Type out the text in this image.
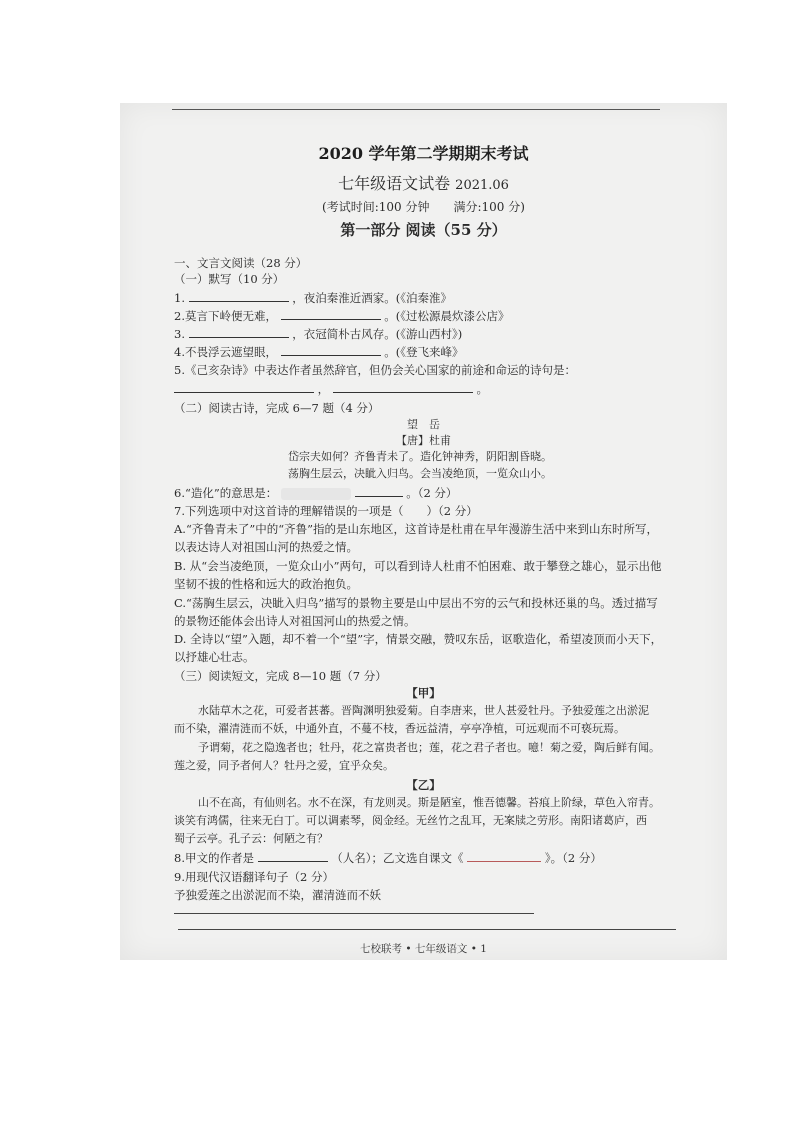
2020 学年第二学期期末考试
七年级语文试卷 2021.06
(考试时间:100 分钟　　满分:100 分)
第一部分 阅读（55 分）
一、文言文阅读（28 分）
（一）默写（10 分）
1.	，夜泊秦淮近酒家。(《泊秦淮》
2.莫言下岭便无难，	。(《过松源晨炊漆公店》
3.	，衣冠简朴古风存。(《游山西村》)
4.不畏浮云遮望眼，	。(《登飞来峰》
5.《己亥杂诗》中表达作者虽然辞官，但仍会关心国家的前途和命运的诗句是：
，	。
（二）阅读古诗，完成 6—7 题（4 分）
望　岳
【唐】杜甫
岱宗夫如何？齐鲁青未了。造化钟神秀，阴阳割昏晓。
荡胸生层云，决眦入归鸟。会当凌绝顶，一览众山小。
6.“造化”的意思是：	。（2 分）
7.下列选项中对这首诗的理解错误的一项是（　　）（2 分）
A.“齐鲁青未了”中的“齐鲁”指的是山东地区，这首诗是杜甫在早年漫游生活中来到山东时所写，
以表达诗人对祖国山河的热爱之情。
B. 从“会当凌绝顶，一览众山小”两句，可以看到诗人杜甫不怕困难、敢于攀登之雄心，显示出他
坚韧不拔的性格和远大的政治抱负。
C.“荡胸生层云，决眦入归鸟”描写的景物主要是山中层出不穷的云气和投林还巢的鸟。透过描写
的景物还能体会出诗人对祖国河山的热爱之情。
D. 全诗以“望”入题，却不着一个“望”字，情景交融，赞叹东岳，讴歌造化，希望凌顶而小天下，
以抒雄心壮志。
（三）阅读短文，完成 8—10 题（7 分）
【甲】
水陆草木之花，可爱者甚蕃。晋陶渊明独爱菊。自李唐来，世人甚爱牡丹。予独爱莲之出淤泥
而不染，濯清涟而不妖，中通外直，不蔓不枝，香远益清，亭亭净植，可远观而不可亵玩焉。
予谓菊，花之隐逸者也；牡丹，花之富贵者也；莲，花之君子者也。噫！菊之爱，陶后鲜有闻。
莲之爱，同予者何人？牡丹之爱，宜乎众矣。
【乙】
山不在高，有仙则名。水不在深，有龙则灵。斯是陋室，惟吾德馨。苔痕上阶绿，草色入帘青。
谈笑有鸿儒，往来无白丁。可以调素琴，阅金经。无丝竹之乱耳，无案牍之劳形。南阳诸葛庐，西
蜀子云亭。孔子云：何陋之有？
8.甲文的作者是	（人名）；乙文选自课文《	》。（2 分）
9.用现代汉语翻译句子（2 分）
予独爱莲之出淤泥而不染，濯清涟而不妖
七校联考 • 七年级语文 • 1
